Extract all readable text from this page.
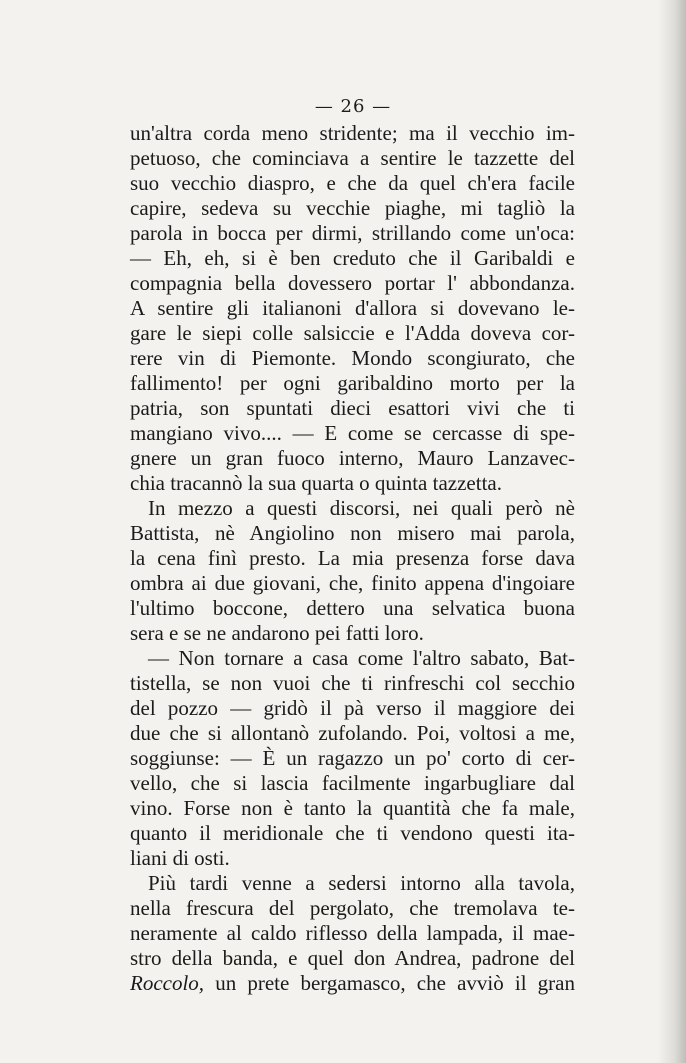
— 26 —
un'altra corda meno stridente; ma il vecchio im-
petuoso, che cominciava a sentire le tazzette del
suo vecchio diaspro, e che da quel ch'era facile
capire, sedeva su vecchie piaghe, mi tagliò la
parola in bocca per dirmi, strillando come un'oca:
— Eh, eh, si è ben creduto che il Garibaldi e
compagnia bella dovessero portar l' abbondanza.
A sentire gli italianoni d'allora si dovevano le-
gare le siepi colle salsiccie e l'Adda doveva cor-
rere vin di Piemonte. Mondo scongiurato, che
fallimento! per ogni garibaldino morto per la
patria, son spuntati dieci esattori vivi che ti
mangiano vivo.... — E come se cercasse di spe-
gnere un gran fuoco interno, Mauro Lanzavec-
chia tracannò la sua quarta o quinta tazzetta.
In mezzo a questi discorsi, nei quali però nè
Battista, nè Angiolino non misero mai parola,
la cena finì presto. La mia presenza forse dava
ombra ai due giovani, che, finito appena d'ingoiare
l'ultimo boccone, dettero una selvatica buona
sera e se ne andarono pei fatti loro.
— Non tornare a casa come l'altro sabato, Bat-
tistella, se non vuoi che ti rinfreschi col secchio
del pozzo — gridò il pà verso il maggiore dei
due che si allontanò zufolando. Poi, voltosi a me,
soggiunse: — È un ragazzo un po' corto di cer-
vello, che si lascia facilmente ingarbugliare dal
vino. Forse non è tanto la quantità che fa male,
quanto il meridionale che ti vendono questi ita-
liani di osti.
Più tardi venne a sedersi intorno alla tavola,
nella frescura del pergolato, che tremolava te-
neramente al caldo riflesso della lampada, il mae-
stro della banda, e quel don Andrea, padrone del
Roccolo, un prete bergamasco, che avviò il gran
